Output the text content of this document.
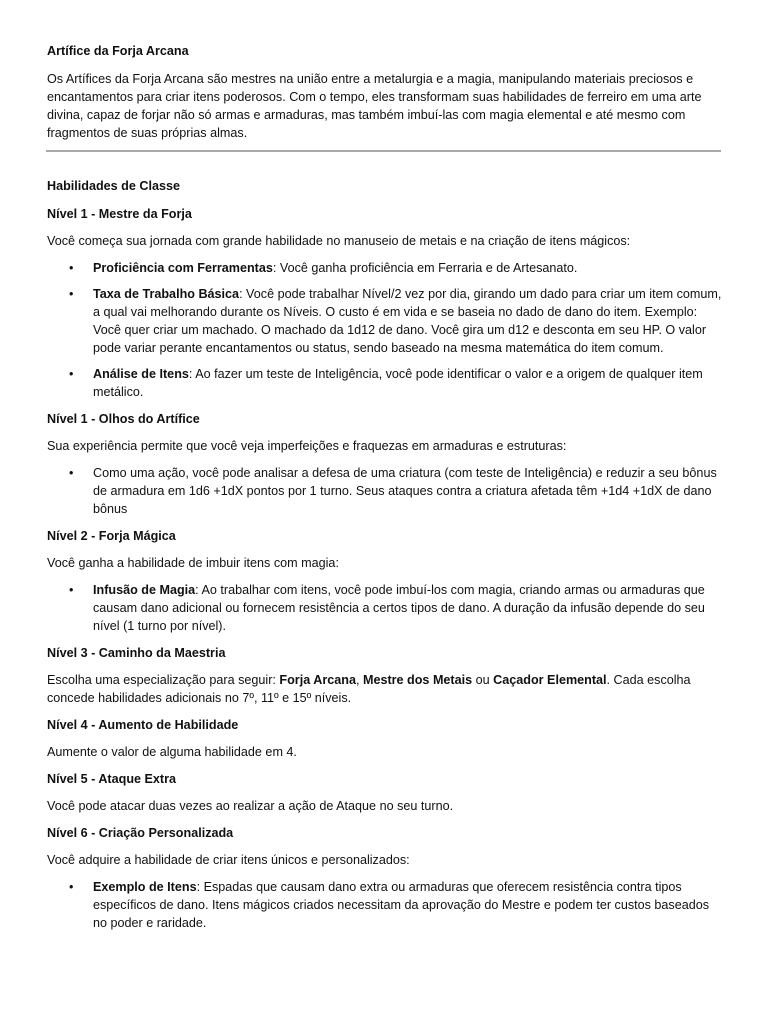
Artífice da Forja Arcana

Os Artífices da Forja Arcana são mestres na união entre a metalurgia e a magia, manipulando materiais preciosos e encantamentos para criar itens poderosos. Com o tempo, eles transformam suas habilidades de ferreiro em uma arte divina, capaz de forjar não só armas e armaduras, mas também imbuí-las com magia elemental e até mesmo com fragmentos de suas próprias almas.

Habilidades de Classe

Nível 1 - Mestre da Forja

Você começa sua jornada com grande habilidade no manuseio de metais e na criação de itens mágicos:

• Proficiência com Ferramentas: Você ganha proficiência em Ferraria e de Artesanato.
• Taxa de Trabalho Básica: Você pode trabalhar Nível/2 vez por dia, girando um dado para criar um item comum, a qual vai melhorando durante os Níveis. O custo é em vida e se baseia no dado de dano do item. Exemplo: Você quer criar um machado. O machado da 1d12 de dano. Você gira um d12 e desconta em seu HP. O valor pode variar perante encantamentos ou status, sendo baseado na mesma matemática do item comum.
• Análise de Itens: Ao fazer um teste de Inteligência, você pode identificar o valor e a origem de qualquer item metálico.

Nível 1 - Olhos do Artífice

Sua experiência permite que você veja imperfeições e fraquezas em armaduras e estruturas:

• Como uma ação, você pode analisar a defesa de uma criatura (com teste de Inteligência) e reduzir a seu bônus de armadura em 1d6 +1dX pontos por 1 turno. Seus ataques contra a criatura afetada têm +1d4 +1dX de dano bônus

Nível 2 - Forja Mágica

Você ganha a habilidade de imbuir itens com magia:

• Infusão de Magia: Ao trabalhar com itens, você pode imbuí-los com magia, criando armas ou armaduras que causam dano adicional ou fornecem resistência a certos tipos de dano. A duração da infusão depende do seu nível (1 turno por nível).

Nível 3 - Caminho da Maestria

Escolha uma especialização para seguir: Forja Arcana, Mestre dos Metais ou Caçador Elemental. Cada escolha concede habilidades adicionais no 7º, 11º e 15º níveis.

Nível 4 - Aumento de Habilidade

Aumente o valor de alguma habilidade em 4.

Nível 5 - Ataque Extra

Você pode atacar duas vezes ao realizar a ação de Ataque no seu turno.

Nível 6 - Criação Personalizada

Você adquire a habilidade de criar itens únicos e personalizados:

• Exemplo de Itens: Espadas que causam dano extra ou armaduras que oferecem resistência contra tipos específicos de dano. Itens mágicos criados necessitam da aprovação do Mestre e podem ter custos baseados no poder e raridade.
